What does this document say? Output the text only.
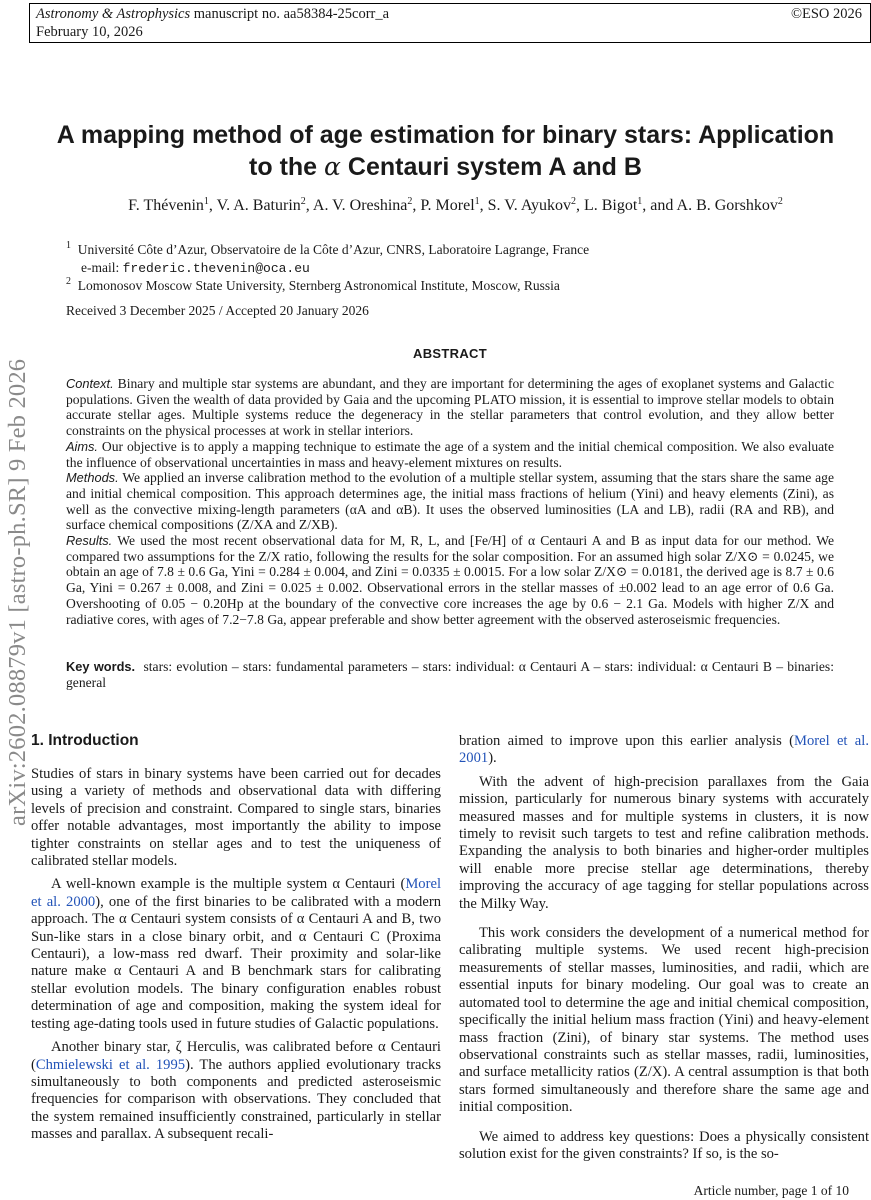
Astronomy & Astrophysics manuscript no. aa58384-25corr_a
February 10, 2026
©ESO 2026
arXiv:2602.08879v1 [astro-ph.SR] 9 Feb 2026
A mapping method of age estimation for binary stars: Application
to the α Centauri system A and B
F. Thévenin$^1$, V. A. Baturin$^2$, A. V. Oreshina$^2$, P. Morel$^1$, S. V. Ayukov$^2$, L. Bigot$^1$, and A. B. Gorshkov$^2$
$^1$ Université Côte d’Azur, Observatoire de la Côte d’Azur, CNRS, Laboratoire Lagrange, France
e-mail: frederic.thevenin@oca.eu
$^2$ Lomonosov Moscow State University, Sternberg Astronomical Institute, Moscow, Russia
Received 3 December 2025 / Accepted 20 January 2026
ABSTRACT

Context. Binary and multiple star systems are abundant, and they are important for determining the ages of exoplanet systems and Galactic populations. Given the wealth of data provided by Gaia and the upcoming PLATO mission, it is essential to improve stellar models to obtain accurate stellar ages. Multiple systems reduce the degeneracy in the stellar parameters that control evolution, and they allow better constraints on the physical processes at work in stellar interiors.

Aims. Our objective is to apply a mapping technique to estimate the age of a system and the initial chemical composition. We also evaluate the influence of observational uncertainties in mass and heavy-element mixtures on results.

Methods. We applied an inverse calibration method to the evolution of a multiple stellar system, assuming that the stars share the same age and initial chemical composition. This approach determines age, the initial mass fractions of helium (Yini) and heavy elements (Zini), as well as the convective mixing-length parameters (αA and αB). It uses the observed luminosities (LA and LB), radii (RA and RB), and surface chemical compositions (Z/XA and Z/XB).

Results. We used the most recent observational data for M, R, L, and [Fe/H] of α Centauri A and B as input data for our method. We compared two assumptions for the Z/X ratio, following the results for the solar composition. For an assumed high solar Z/X⊙ = 0.0245, we obtain an age of 7.8 ± 0.6 Ga, Yini = 0.284 ± 0.004, and Zini = 0.0335 ± 0.0015. For a low solar Z/X⊙ = 0.0181, the derived age is 8.7 ± 0.6 Ga, Yini = 0.267 ± 0.008, and Zini = 0.025 ± 0.002. Observational errors in the stellar masses of ±0.002 lead to an age error of 0.6 Ga. Overshooting of 0.05 − 0.20Hp at the boundary of the convective core increases the age by 0.6 − 2.1 Ga. Models with higher Z/X and radiative cores, with ages of 7.2−7.8 Ga, appear preferable and show better agreement with the observed asteroseismic frequencies.

Key words. stars: evolution – stars: fundamental parameters – stars: individual: α Centauri A – stars: individual: α Centauri B – binaries: general
1. Introduction

Studies of stars in binary systems have been carried out for decades using a variety of methods and observational data with differing levels of precision and constraint. Compared to single stars, binaries offer notable advantages, most importantly the ability to impose tighter constraints on stellar ages and to test the uniqueness of calibrated stellar models.

A well-known example is the multiple system α Centauri (Morel et al. 2000), one of the first binaries to be calibrated with a modern approach. The α Centauri system consists of α Centauri A and B, two Sun-like stars in a close binary orbit, and α Centauri C (Proxima Centauri), a low-mass red dwarf. Their proximity and solar-like nature make α Centauri A and B benchmark stars for calibrating stellar evolution models. The binary configuration enables robust determination of age and composition, making the system ideal for testing age-dating tools used in future studies of Galactic populations.

Another binary star, ζ Herculis, was calibrated before α Centauri (Chmielewski et al. 1995). The authors applied evolutionary tracks simultaneously to both components and predicted asteroseismic frequencies for comparison with observations. They concluded that the system remained insufficiently constrained, particularly in stellar masses and parallax. A subsequent recali-

bration aimed to improve upon this earlier analysis (Morel et al. 2001).

With the advent of high-precision parallaxes from the Gaia mission, particularly for numerous binary systems with accurately measured masses and for multiple systems in clusters, it is now timely to revisit such targets to test and refine calibration methods. Expanding the analysis to both binaries and higher-order multiples will enable more precise stellar age determinations, thereby improving the accuracy of age tagging for stellar populations across the Milky Way.

This work considers the development of a numerical method for calibrating multiple systems. We used recent high-precision measurements of stellar masses, luminosities, and radii, which are essential inputs for binary modeling. Our goal was to create an automated tool to determine the age and initial chemical composition, specifically the initial helium mass fraction (Yini) and heavy-element mass fraction (Zini), of binary star systems. The method uses observational constraints such as stellar masses, radii, luminosities, and surface metallicity ratios (Z/X). A central assumption is that both stars formed simultaneously and therefore share the same age and initial composition.

We aimed to address key questions: Does a physically consistent solution exist for the given constraints? If so, is the so-

Article number, page 1 of 10
